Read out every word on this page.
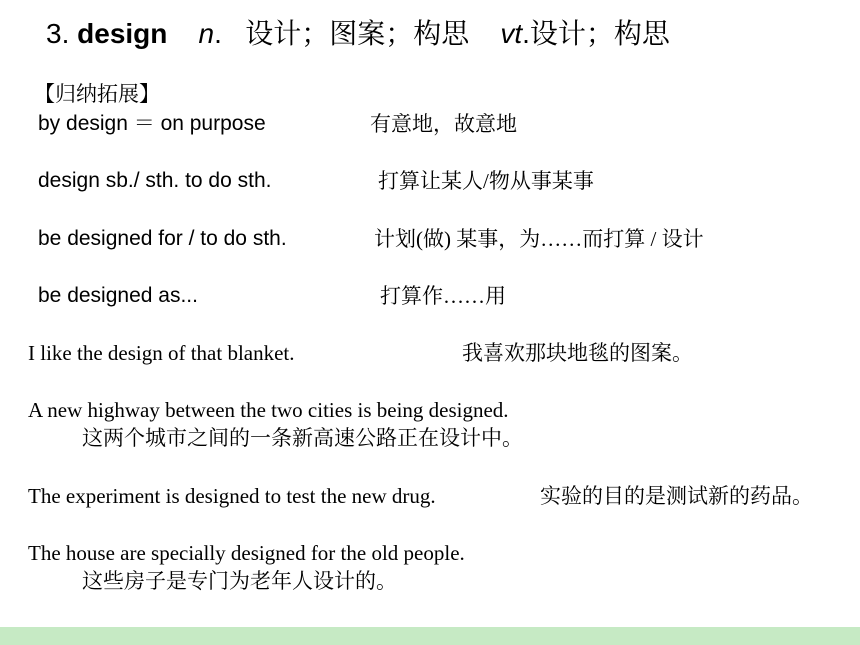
3. design n. 设计；图案；构思 vt.设计；构思
【归纳拓展】
by design ＝ on purpose	有意地，故意地
design sb./ sth. to do sth.	打算让某人/物从事某事
be designed for / to do sth.	计划(做) 某事，为……而打算 / 设计
be designed as...	打算作……用
I like the design of that blanket.	我喜欢那块地毯的图案。
A new highway between the two cities is being designed.
这两个城市之间的一条新高速公路正在设计中。
The experiment is designed to test the new drug.	实验的目的是测试新的药品。
The house are specially designed for the old people.
这些房子是专门为老年人设计的。
